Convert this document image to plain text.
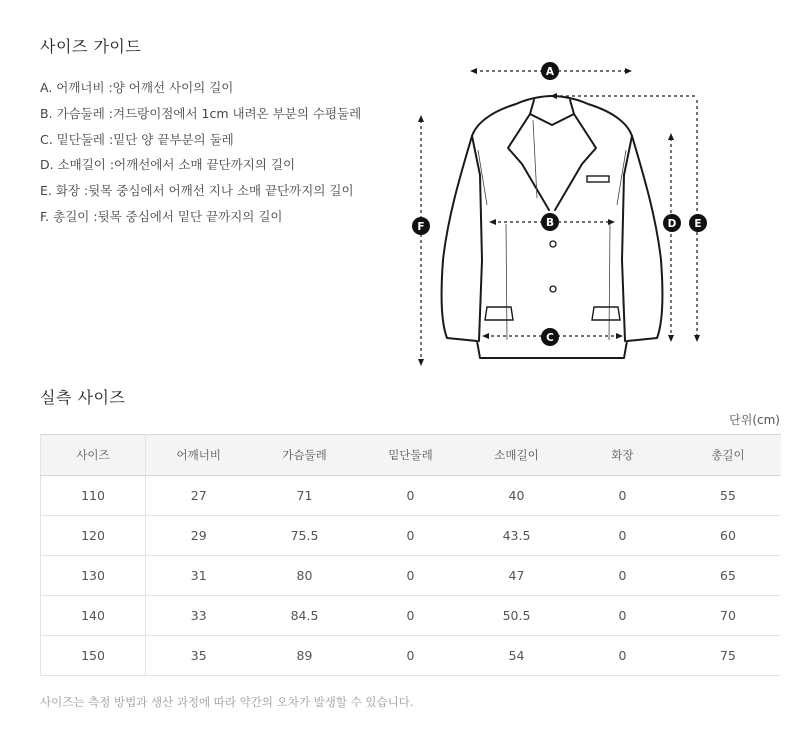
사이즈 가이드
A. 어깨너비 :양 어깨선 사이의 길이
B. 가슴둘레 :겨드랑이점에서 1cm 내려온 부분의 수평둘레
C. 밑단둘레 :밑단 양 끝부분의 둘레
D. 소매길이 :어깨선에서 소매 끝단까지의 길이
E. 화장 :뒷목 중심에서 어깨선 지나 소매 끝단까지의 길이
F. 총길이 :뒷목 중심에서 밑단 끝까지의 길이
A
B
C
D E
F
실측 사이즈
단위(cm)
사이즈	어깨너비	가슴둘레	밑단둘레	소매길이	화장	총길이
110	27	71	0	40	0	55
120	29	75.5	0	43.5	0	60
130	31	80	0	47	0	65
140	33	84.5	0	50.5	0	70
150	35	89	0	54	0	75
사이즈는 측정 방법과 생산 과정에 따라 약간의 오차가 발생할 수 있습니다.
